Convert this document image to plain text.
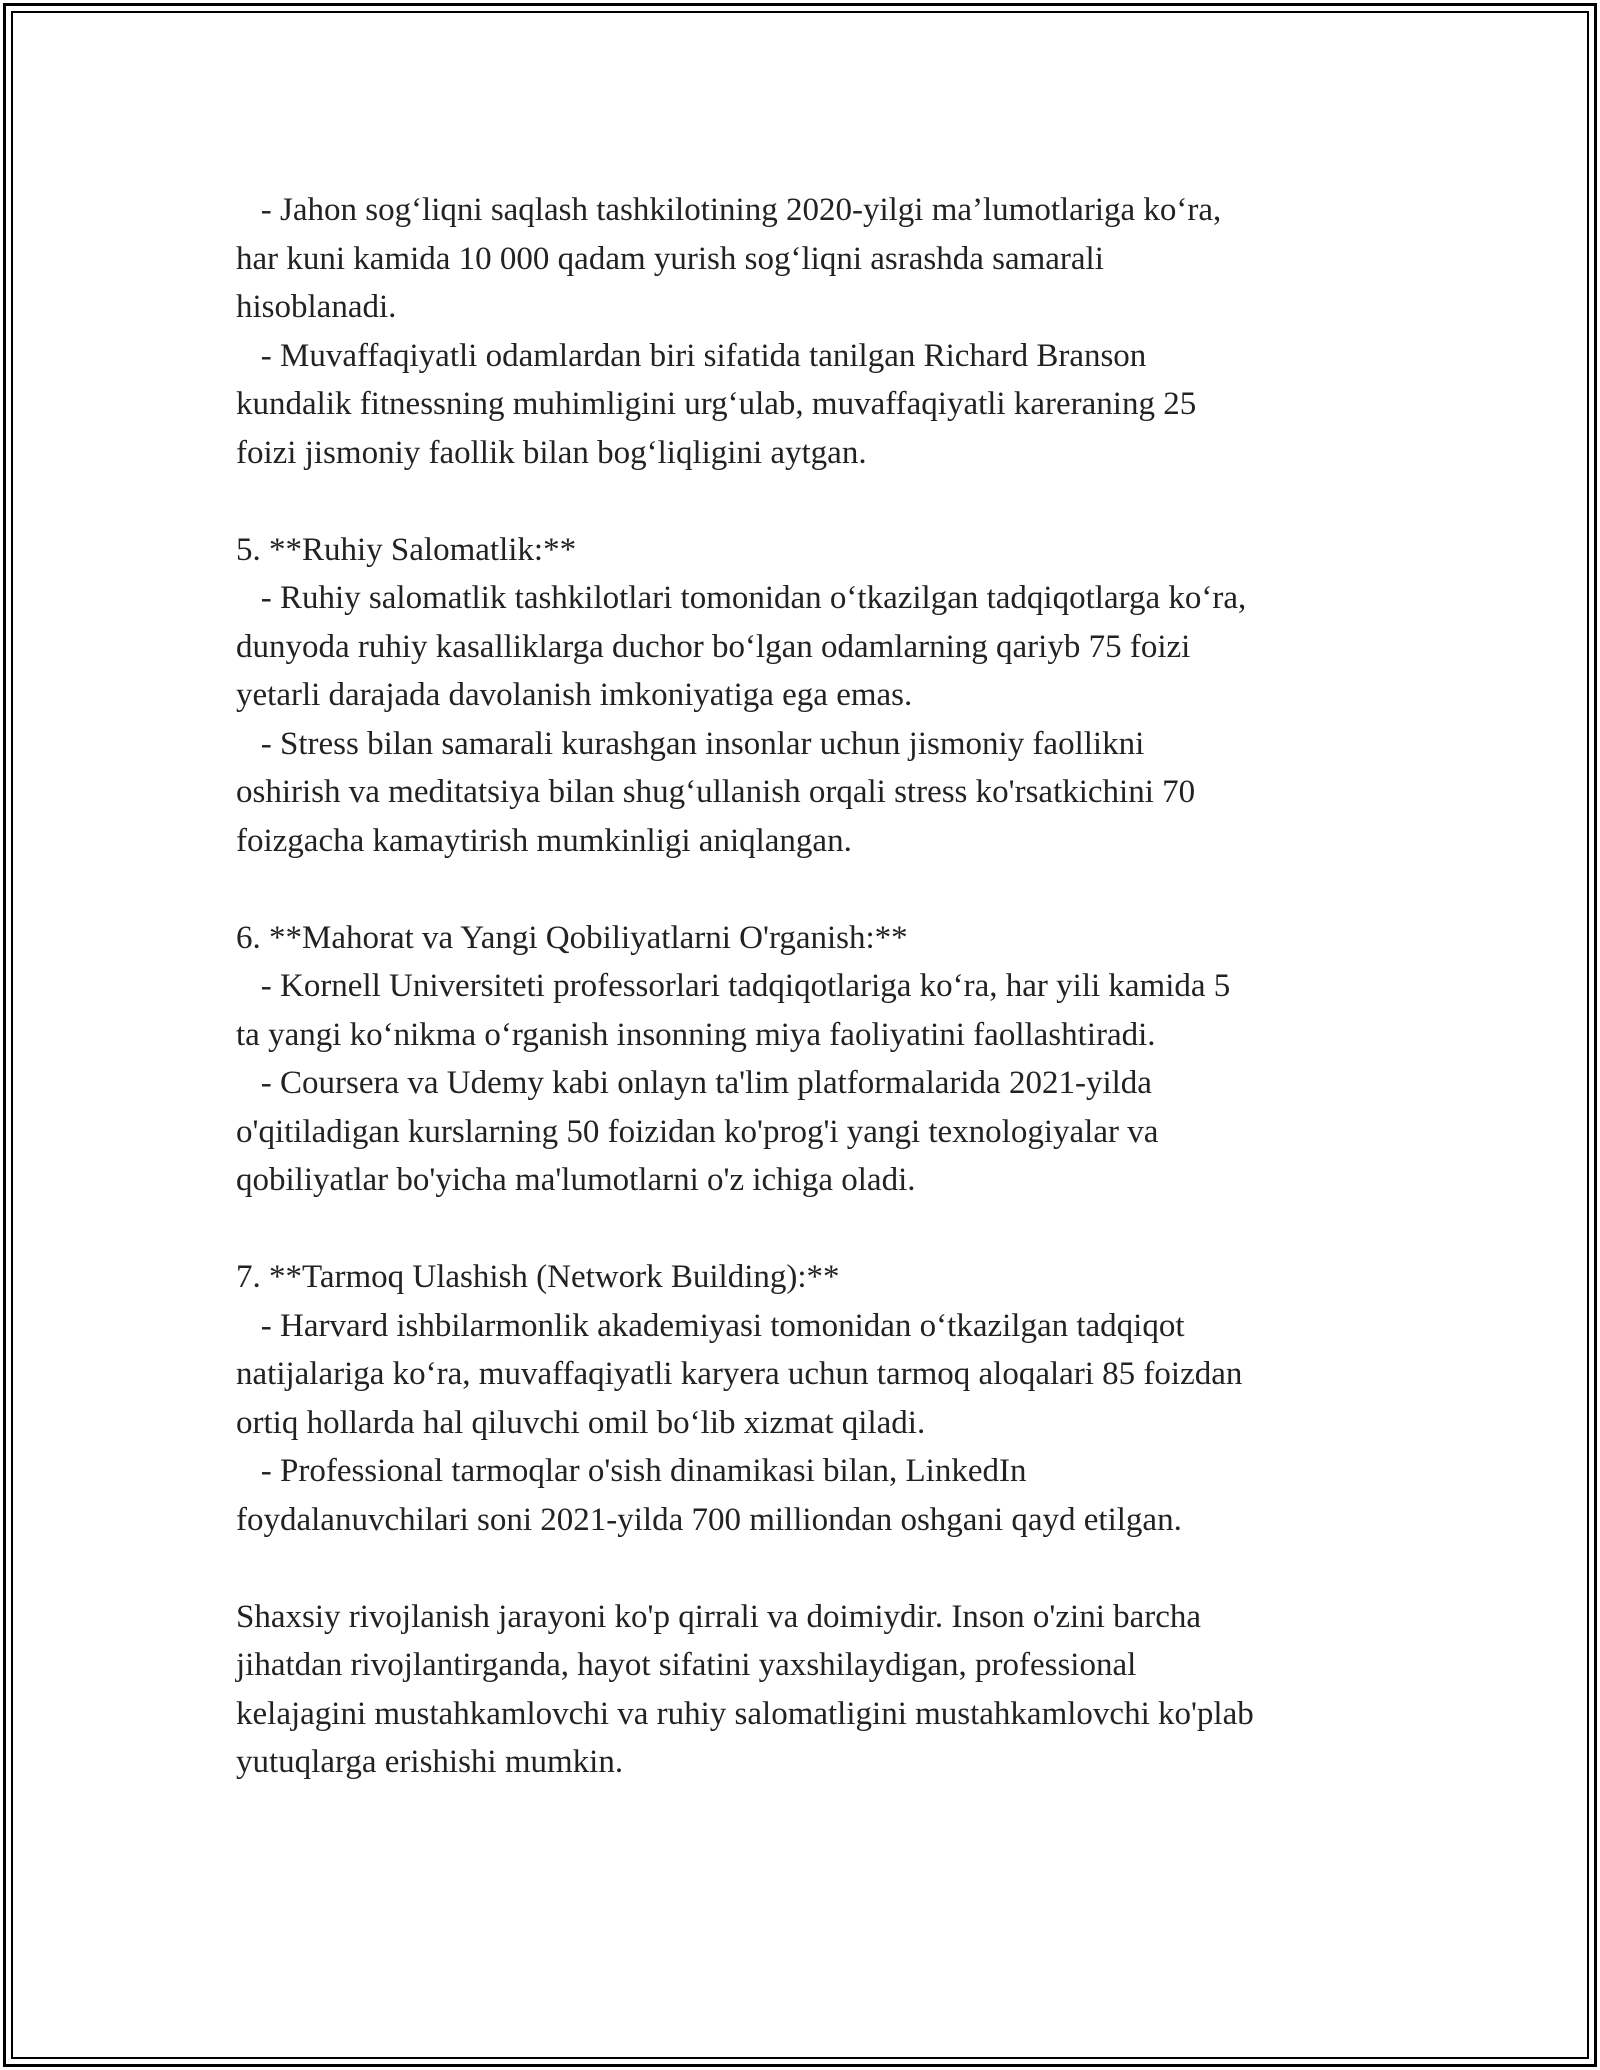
- Jahon sog‘liqni saqlash tashkilotining 2020-yilgi ma’lumotlariga ko‘ra,
har kuni kamida 10 000 qadam yurish sog‘liqni asrashda samarali
hisoblanadi.
- Muvaffaqiyatli odamlardan biri sifatida tanilgan Richard Branson
kundalik fitnessning muhimligini urg‘ulab, muvaffaqiyatli kareraning 25
foizi jismoniy faollik bilan bog‘liqligini aytgan.
5. **Ruhiy Salomatlik:**
- Ruhiy salomatlik tashkilotlari tomonidan o‘tkazilgan tadqiqotlarga ko‘ra,
dunyoda ruhiy kasalliklarga duchor bo‘lgan odamlarning qariyb 75 foizi
yetarli darajada davolanish imkoniyatiga ega emas.
- Stress bilan samarali kurashgan insonlar uchun jismoniy faollikni
oshirish va meditatsiya bilan shug‘ullanish orqali stress ko'rsatkichini 70
foizgacha kamaytirish mumkinligi aniqlangan.
6. **Mahorat va Yangi Qobiliyatlarni O'rganish:**
- Kornell Universiteti professorlari tadqiqotlariga ko‘ra, har yili kamida 5
ta yangi ko‘nikma o‘rganish insonning miya faoliyatini faollashtiradi.
- Coursera va Udemy kabi onlayn ta'lim platformalarida 2021-yilda
o'qitiladigan kurslarning 50 foizidan ko'prog'i yangi texnologiyalar va
qobiliyatlar bo'yicha ma'lumotlarni o'z ichiga oladi.
7. **Tarmoq Ulashish (Network Building):**
- Harvard ishbilarmonlik akademiyasi tomonidan o‘tkazilgan tadqiqot
natijalariga ko‘ra, muvaffaqiyatli karyera uchun tarmoq aloqalari 85 foizdan
ortiq hollarda hal qiluvchi omil bo‘lib xizmat qiladi.
- Professional tarmoqlar o'sish dinamikasi bilan, LinkedIn
foydalanuvchilari soni 2021-yilda 700 milliondan oshgani qayd etilgan.
Shaxsiy rivojlanish jarayoni ko'p qirrali va doimiydir. Inson o'zini barcha
jihatdan rivojlantirganda, hayot sifatini yaxshilaydigan, professional
kelajagini mustahkamlovchi va ruhiy salomatligini mustahkamlovchi ko'plab
yutuqlarga erishishi mumkin.
